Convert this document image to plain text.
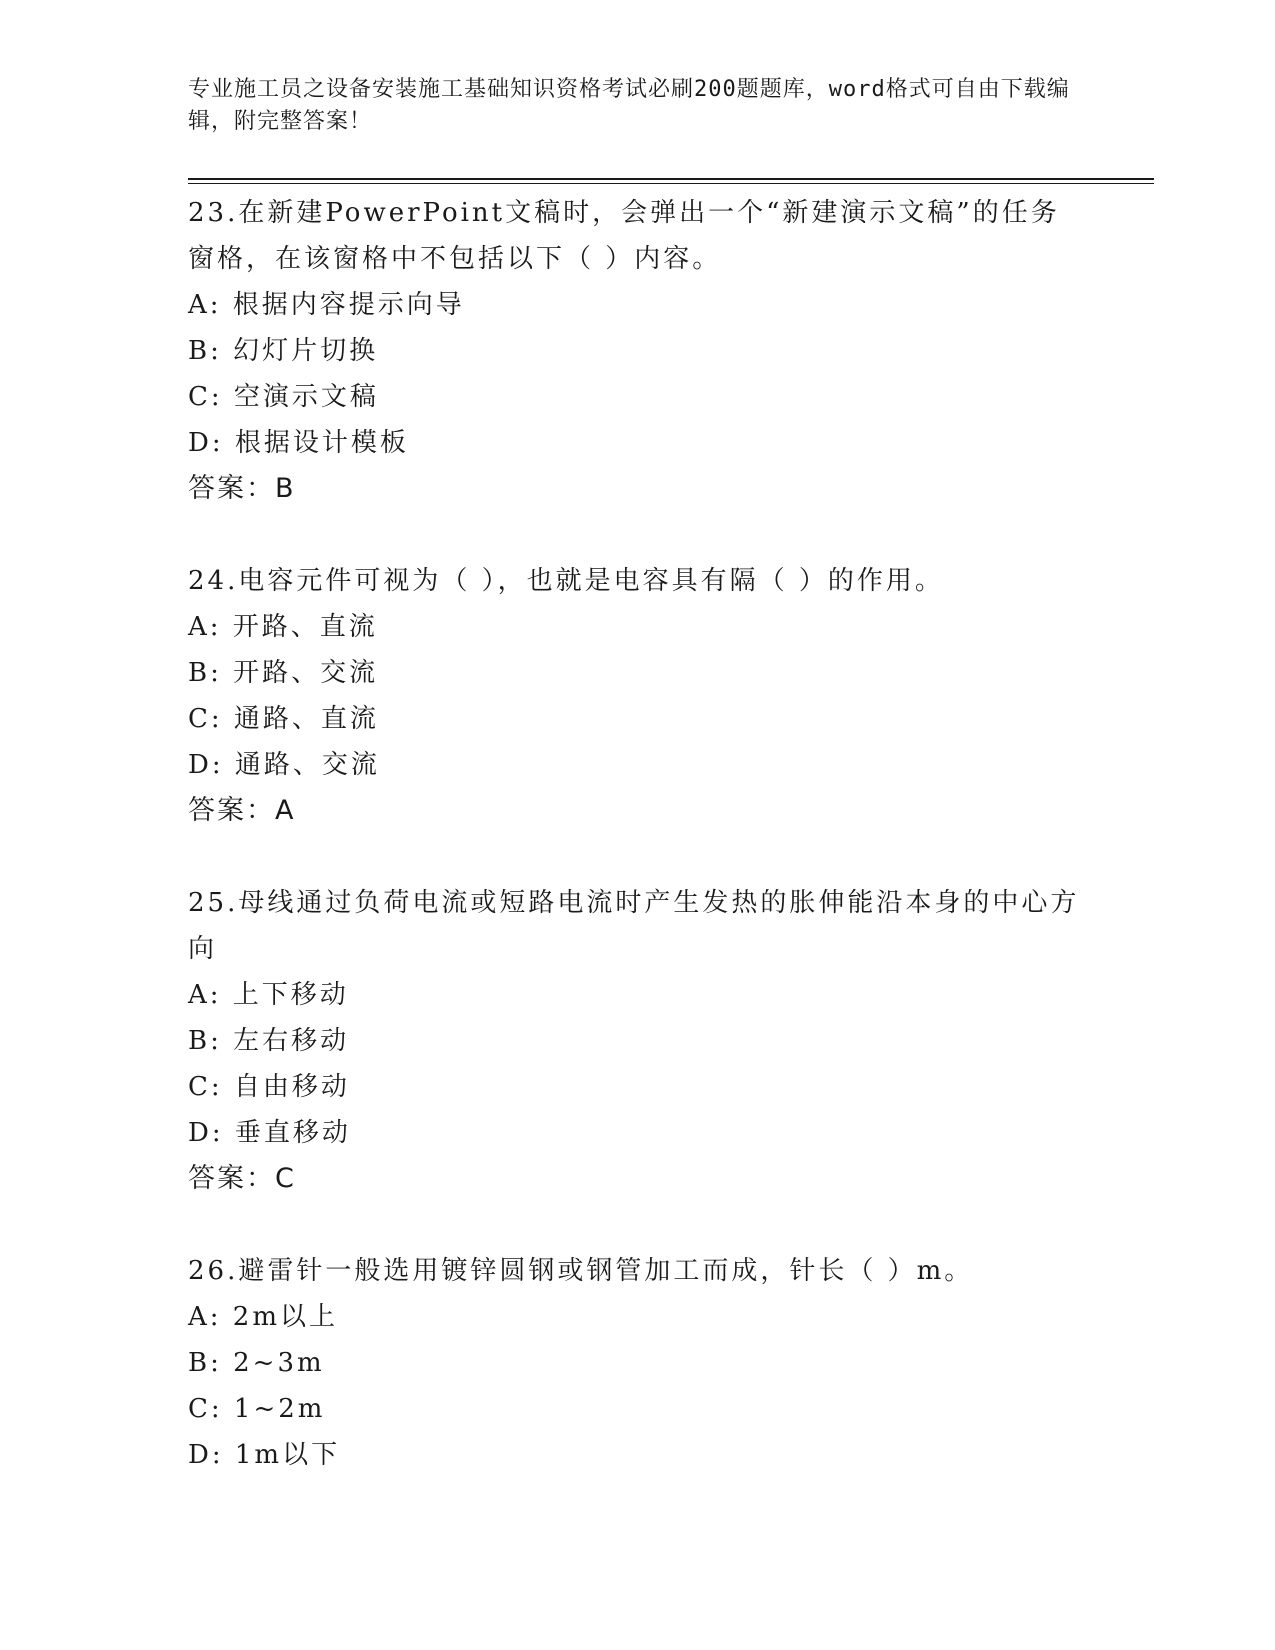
专业施工员之设备安装施工基础知识资格考试必刷200题题库，word格式可自由下载编辑，附完整答案！
23.在新建PowerPoint文稿时，会弹出一个“新建演示文稿”的任务窗格，在该窗格中不包括以下（ ）内容。
A: 根据内容提示向导
B: 幻灯片切换
C: 空演示文稿
D: 根据设计模板
答案：B
24.电容元件可视为（ ），也就是电容具有隔（ ）的作用。
A: 开路、直流
B: 开路、交流
C: 通路、直流
D: 通路、交流
答案：A
25.母线通过负荷电流或短路电流时产生发热的胀伸能沿本身的中心方向
A: 上下移动
B: 左右移动
C: 自由移动
D: 垂直移动
答案：C
26.避雷针一般选用镀锌圆钢或钢管加工而成，针长（ ）m。
A: 2m以上
B: 2~3m
C: 1~2m
D: 1m以下
